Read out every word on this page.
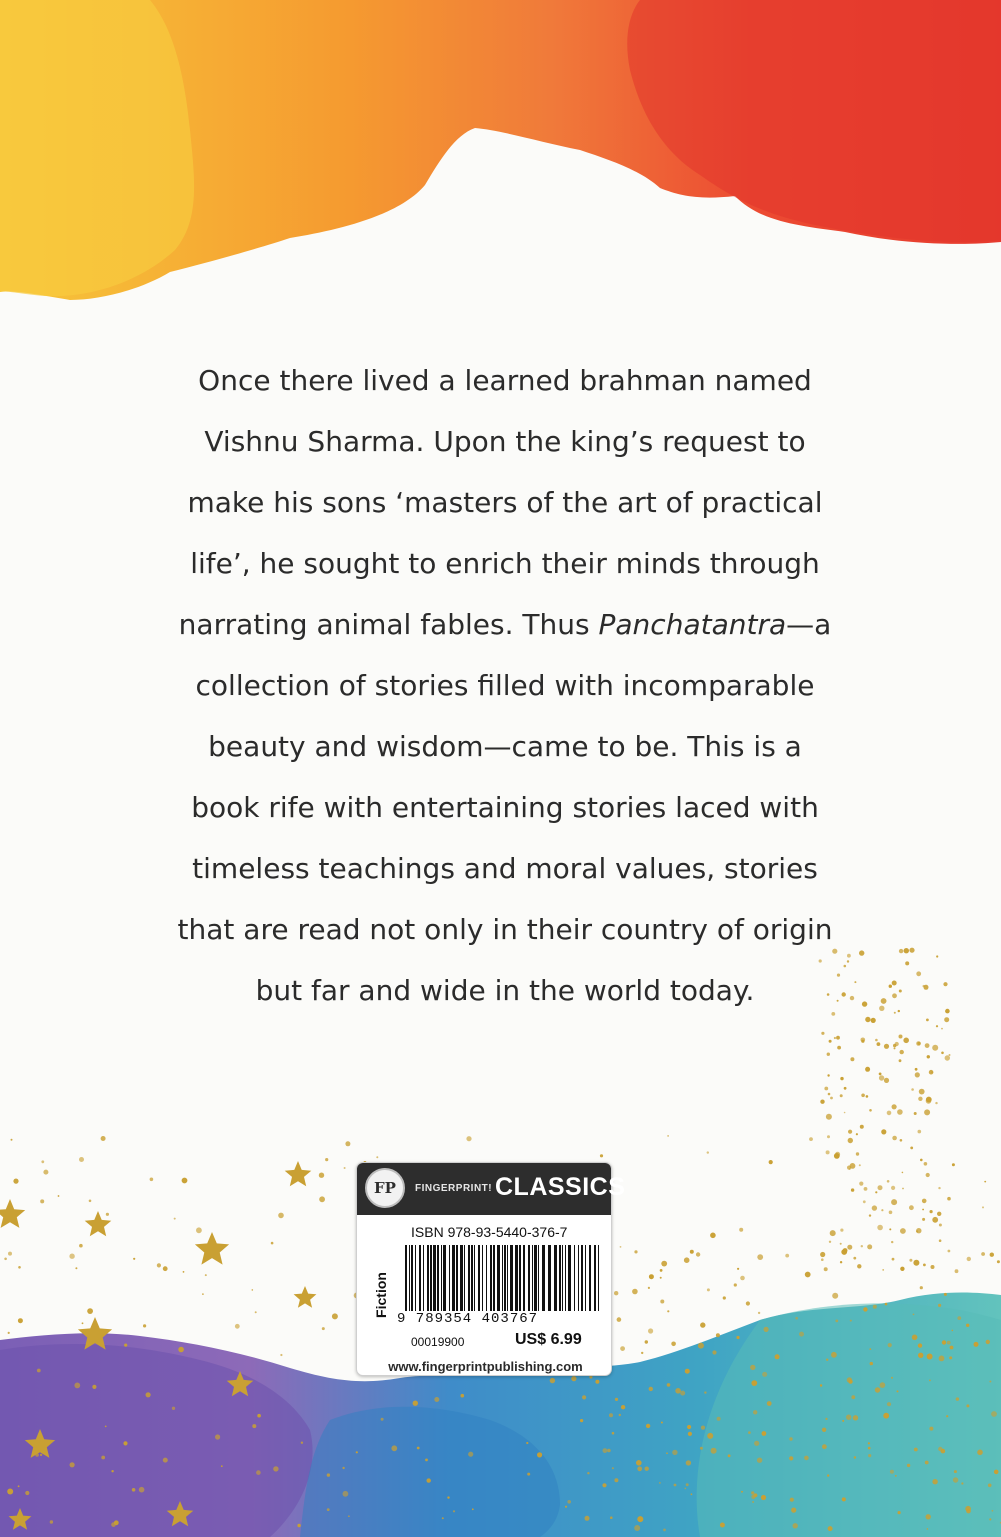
Once there lived a learned brahman named
Vishnu Sharma. Upon the king’s request to
make his sons ‘masters of the art of practical
life’, he sought to enrich their minds through
narrating animal fables. Thus Panchatantra—a
collection of stories filled with incomparable
beauty and wisdom—came to be. This is a
book rife with entertaining stories laced with
timeless teachings and moral values, stories
that are read not only in their country of origin
but far and wide in the world today.

FP	FINGERPRINT! CLASSICS
ISBN 978-93-5440-376-7
Fiction
9 789354 403767
00019900	US$ 6.99
www.fingerprintpublishing.com
